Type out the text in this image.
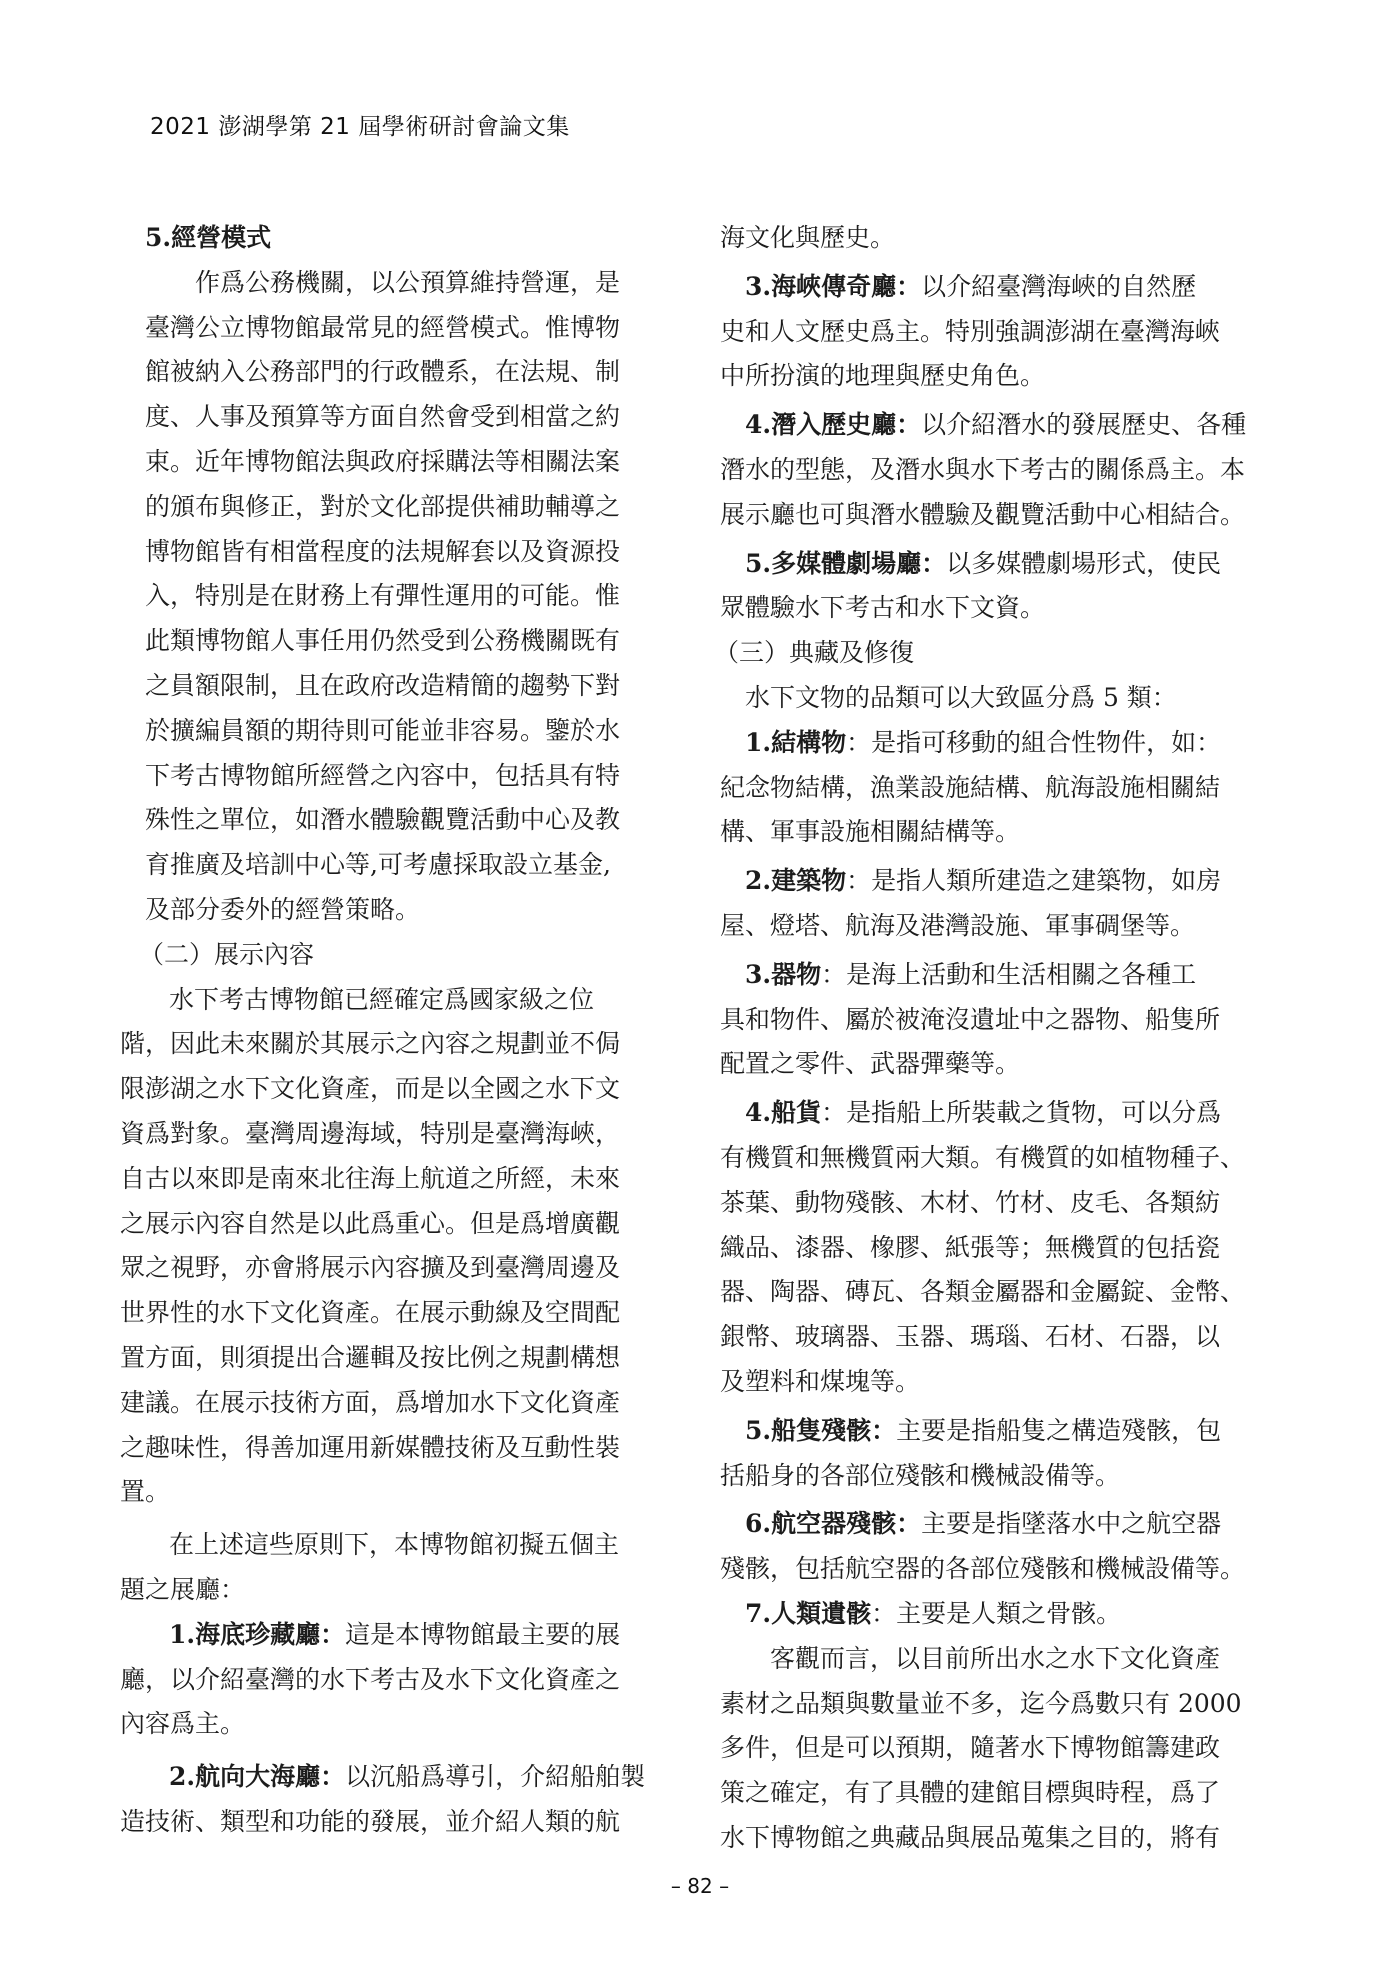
2021 澎湖學第 21 屆學術研討會論文集
5.經營模式
作爲公務機關，以公預算維持營運，是
臺灣公立博物館最常見的經營模式。惟博物
館被納入公務部門的行政體系，在法規、制
度、人事及預算等方面自然會受到相當之約
束。近年博物館法與政府採購法等相關法案
的頒布與修正，對於文化部提供補助輔導之
博物館皆有相當程度的法規解套以及資源投
入，特別是在財務上有彈性運用的可能。惟
此類博物館人事任用仍然受到公務機關既有
之員額限制，且在政府改造精簡的趨勢下對
於擴編員額的期待則可能並非容易。鑒於水
下考古博物館所經營之內容中，包括具有特
殊性之單位，如潛水體驗觀覽活動中心及教
育推廣及培訓中心等,可考慮採取設立基金,
及部分委外的經營策略。
（二）展示內容
水下考古博物館已經確定爲國家級之位
階，因此未來關於其展示之內容之規劃並不侷
限澎湖之水下文化資產，而是以全國之水下文
資爲對象。臺灣周邊海域，特別是臺灣海峽，
自古以來即是南來北往海上航道之所經，未來
之展示內容自然是以此爲重心。但是爲增廣觀
眾之視野，亦會將展示內容擴及到臺灣周邊及
世界性的水下文化資產。在展示動線及空間配
置方面，則須提出合邏輯及按比例之規劃構想
建議。在展示技術方面，爲增加水下文化資產
之趣味性，得善加運用新媒體技術及互動性裝
置。
在上述這些原則下，本博物館初擬五個主
題之展廳：
1.海底珍藏廳：這是本博物館最主要的展
廳，以介紹臺灣的水下考古及水下文化資產之
內容爲主。
2.航向大海廳：以沉船爲導引，介紹船舶製
造技術、類型和功能的發展，並介紹人類的航
海文化與歷史。
3.海峽傳奇廳：以介紹臺灣海峽的自然歷
史和人文歷史爲主。特別強調澎湖在臺灣海峽
中所扮演的地理與歷史角色。
4.潛入歷史廳：以介紹潛水的發展歷史、各種
潛水的型態，及潛水與水下考古的關係爲主。本
展示廳也可與潛水體驗及觀覽活動中心相結合。
5.多媒體劇場廳：以多媒體劇場形式，使民
眾體驗水下考古和水下文資。
（三）典藏及修復
水下文物的品類可以大致區分爲 5 類：
1.結構物：是指可移動的組合性物件，如：
紀念物結構，漁業設施結構、航海設施相關結
構、軍事設施相關結構等。
2.建築物：是指人類所建造之建築物，如房
屋、燈塔、航海及港灣設施、軍事碉堡等。
3.器物：是海上活動和生活相關之各種工
具和物件、屬於被淹沒遺址中之器物、船隻所
配置之零件、武器彈藥等。
4.船貨：是指船上所裝載之貨物，可以分爲
有機質和無機質兩大類。有機質的如植物種子、
茶葉、動物殘骸、木材、竹材、皮毛、各類紡
織品、漆器、橡膠、紙張等；無機質的包括瓷
器、陶器、磚瓦、各類金屬器和金屬錠、金幣、
銀幣、玻璃器、玉器、瑪瑙、石材、石器，以
及塑料和煤塊等。
5.船隻殘骸：主要是指船隻之構造殘骸，包
括船身的各部位殘骸和機械設備等。
6.航空器殘骸：主要是指墜落水中之航空器
殘骸，包括航空器的各部位殘骸和機械設備等。
7.人類遺骸：主要是人類之骨骸。
客觀而言，以目前所出水之水下文化資產
素材之品類與數量並不多，迄今爲數只有 2000
多件，但是可以預期，隨著水下博物館籌建政
策之確定，有了具體的建館目標與時程，爲了
水下博物館之典藏品與展品蒐集之目的，將有
– 82 –
